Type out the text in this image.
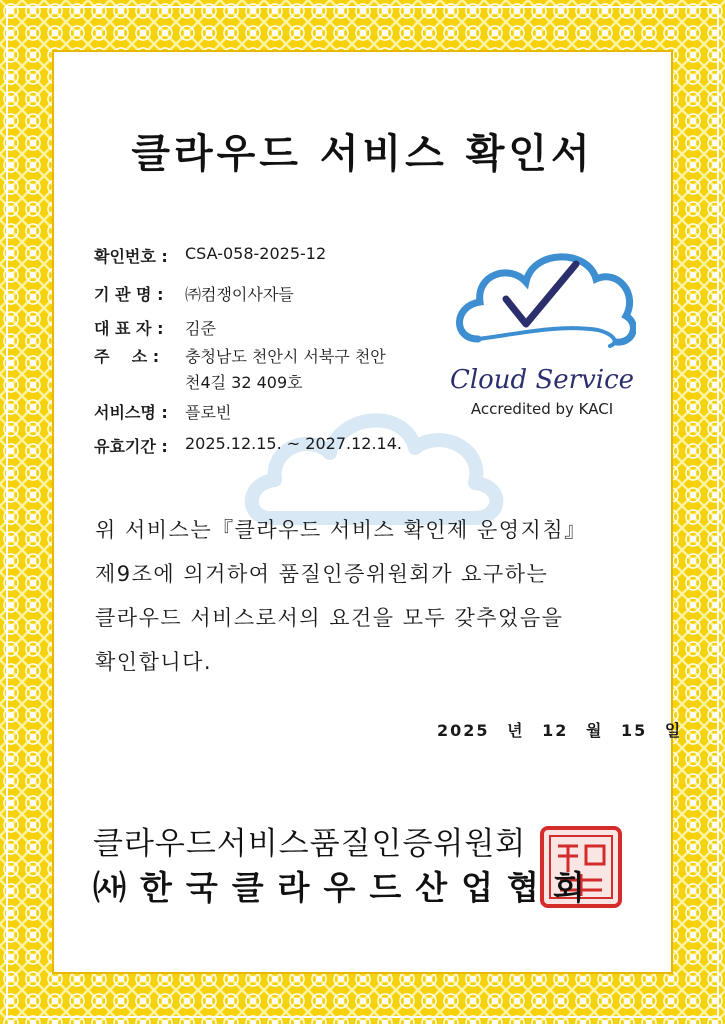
클라우드 서비스 확인서
확인번호 :	CSA-058-2025-12
기 관 명 :	㈜컴쟁이사자들
대 표 자 :	김준
주    소 :	충청남도 천안시 서북구 천안
천4길 32 409호
서비스명 :	플로빈
유효기간 :	2025.12.15. ~ 2027.12.14.
Cloud Service
Accredited by KACI
위 서비스는『클라우드 서비스 확인제 운영지침』
제9조에 의거하여 품질인증위원회가 요구하는
클라우드 서비스로서의 요건을 모두 갖추었음을
확인합니다.
2025 년 12 월 15 일
클라우드서비스품질인증위원회
㈔한국클라우드산업협회
